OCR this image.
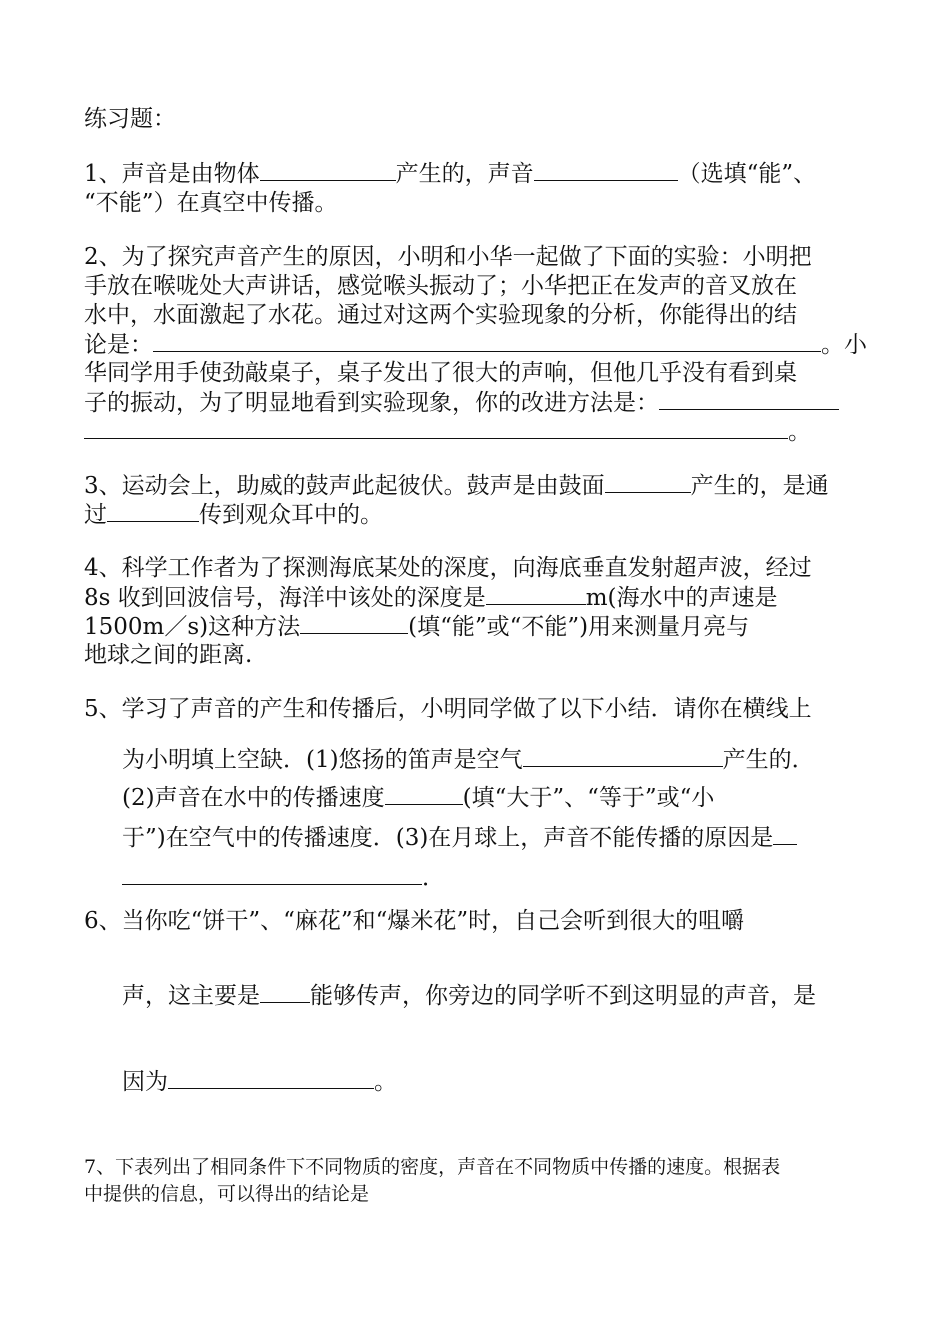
练习题：
1、声音是由物体	产生的，声音	（选填“能”、
“不能”）在真空中传播。
2、为了探究声音产生的原因，小明和小华一起做了下面的实验：小明把
手放在喉咙处大声讲话，感觉喉头振动了；小华把正在发声的音叉放在
水中，水面激起了水花。通过对这两个实验现象的分析，你能得出的结
论是：	。小
华同学用手使劲敲桌子，桌子发出了很大的声响，但他几乎没有看到桌
子的振动，为了明显地看到实验现象，你的改进方法是：
。
3、运动会上，助威的鼓声此起彼伏。鼓声是由鼓面	产生的，是通
过	传到观众耳中的。
4、科学工作者为了探测海底某处的深度，向海底垂直发射超声波，经过
8s 收到回波信号，海洋中该处的深度是	m(海水中的声速是
1500m／s)这种方法	(填“能”或“不能”)用来测量月亮与
地球之间的距离.
5、学习了声音的产生和传播后，小明同学做了以下小结．请你在横线上
为小明填上空缺．(1)悠扬的笛声是空气	产生的．
(2)声音在水中的传播速度	(填“大于”、“等于”或“小
于”)在空气中的传播速度．(3)在月球上，声音不能传播的原因是
．
6、当你吃“饼干”、“麻花”和“爆米花”时，自己会听到很大的咀嚼
声，这主要是 能够传声，你旁边的同学听不到这明显的声音，是
因为	。
7、下表列出了相同条件下不同物质的密度，声音在不同物质中传播的速度。根据表
中提供的信息，可以得出的结论是
